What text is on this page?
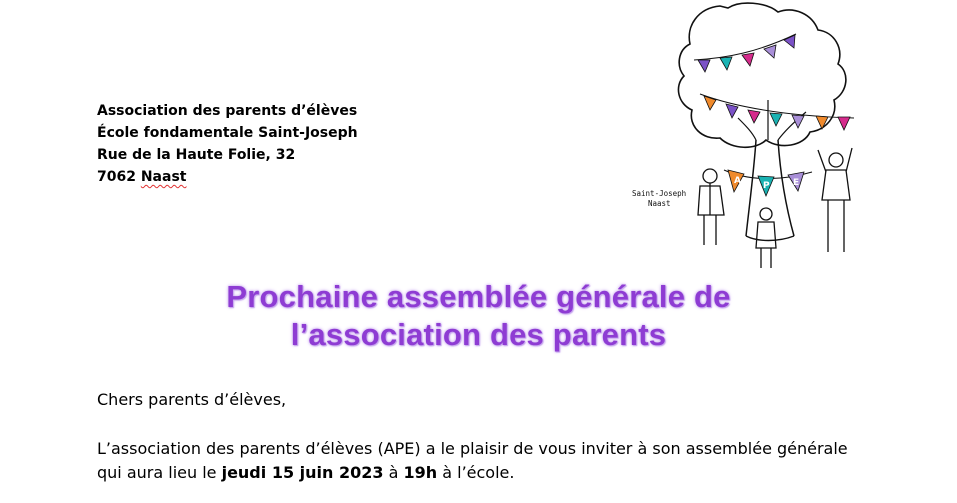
Association des parents d’élèves
École fondamentale Saint-Joseph
Rue de la Haute Folie, 32
7062 Naast	A P	E
Saint-Joseph
Naast
Prochaine assemblée générale de
l’association des parents
Chers parents d’élèves,
L’association des parents d’élèves (APE) a le plaisir de vous inviter à son assemblée générale
qui aura lieu le jeudi 15 juin 2023 à 19h à l’école.
